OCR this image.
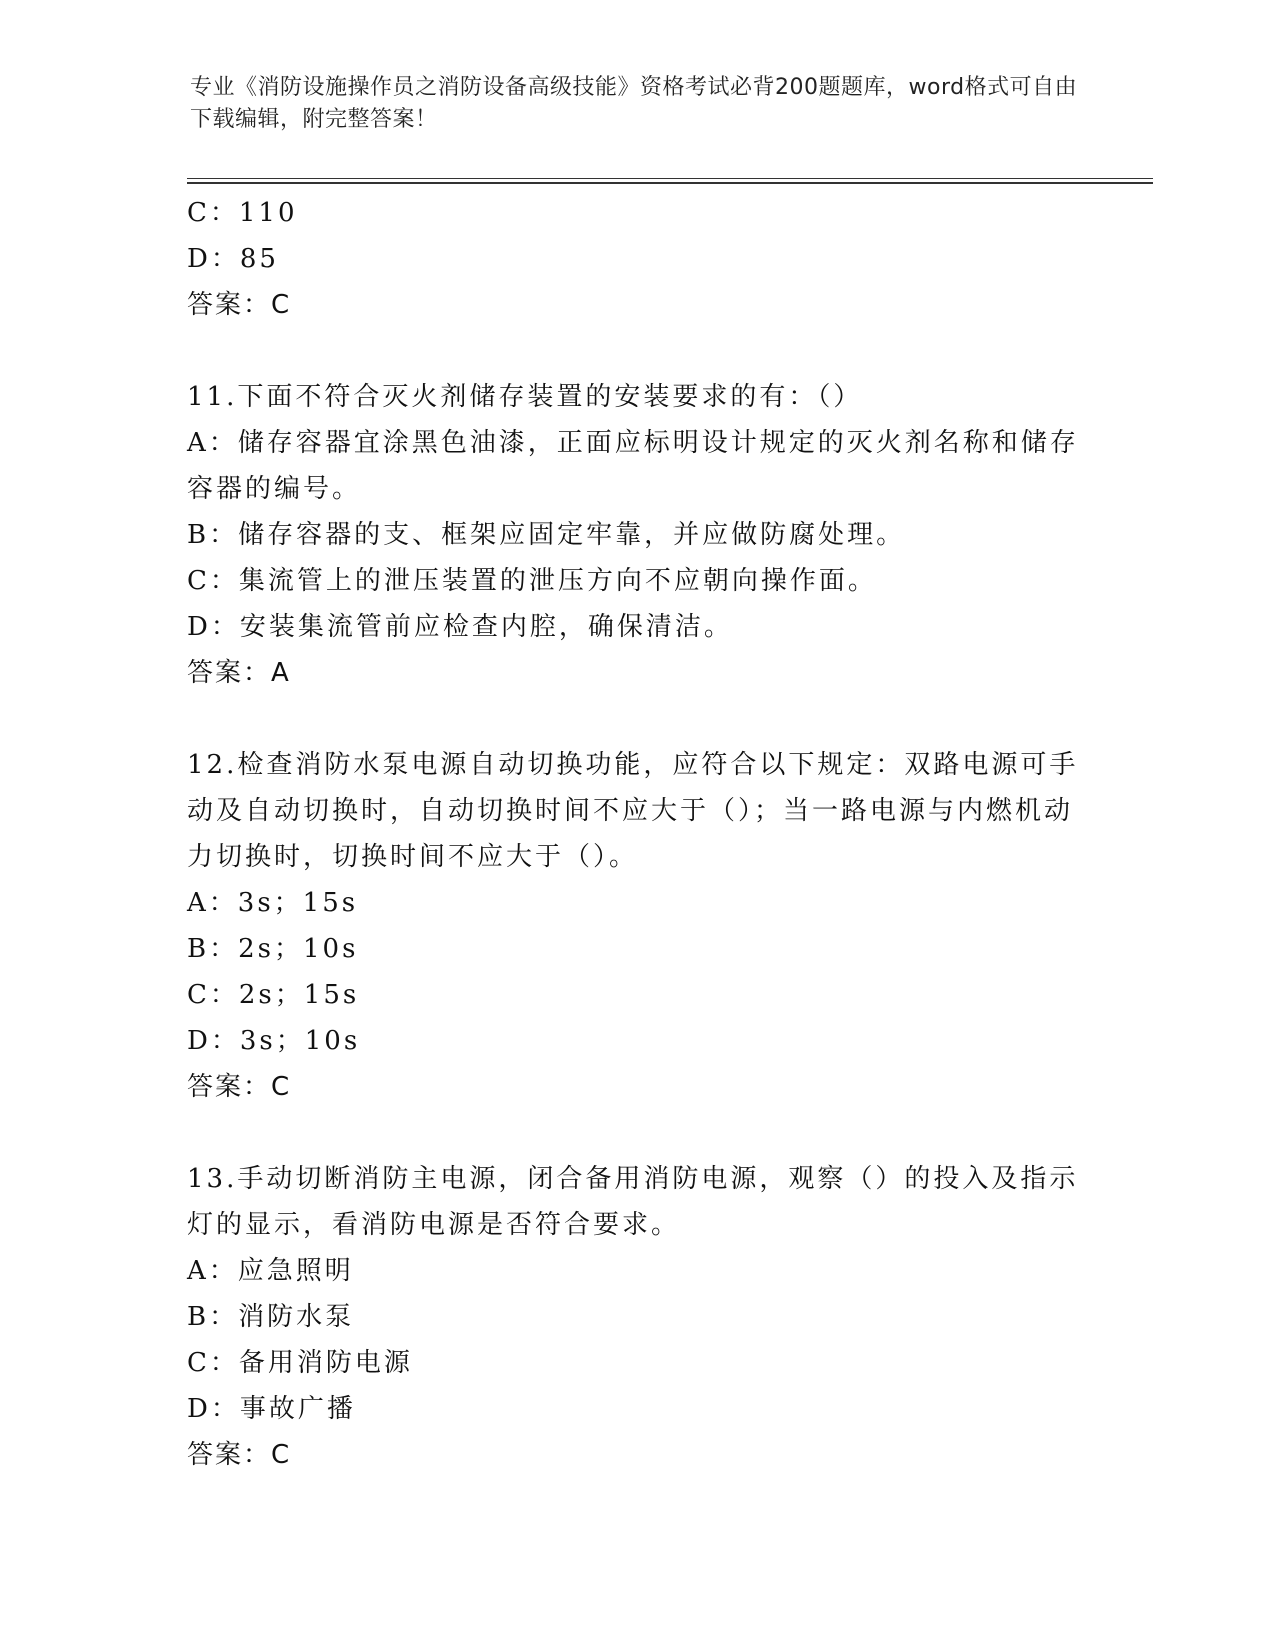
专业《消防设施操作员之消防设备高级技能》资格考试必背200题题库，word格式可自由下载编辑，附完整答案！
C：110
D：85
答案：C
11.下面不符合灭火剂储存装置的安装要求的有：（）
A：储存容器宜涂黑色油漆，正面应标明设计规定的灭火剂名称和储存容器的编号。
B：储存容器的支、框架应固定牢靠，并应做防腐处理。
C：集流管上的泄压装置的泄压方向不应朝向操作面。
D：安装集流管前应检查内腔，确保清洁。
答案：A
12.检查消防水泵电源自动切换功能，应符合以下规定：双路电源可手动及自动切换时，自动切换时间不应大于（）；当一路电源与内燃机动力切换时，切换时间不应大于（）。
A：3s；15s
B：2s；10s
C：2s；15s
D：3s；10s
答案：C
13.手动切断消防主电源，闭合备用消防电源，观察（）的投入及指示灯的显示，看消防电源是否符合要求。
A：应急照明
B：消防水泵
C：备用消防电源
D：事故广播
答案：C
